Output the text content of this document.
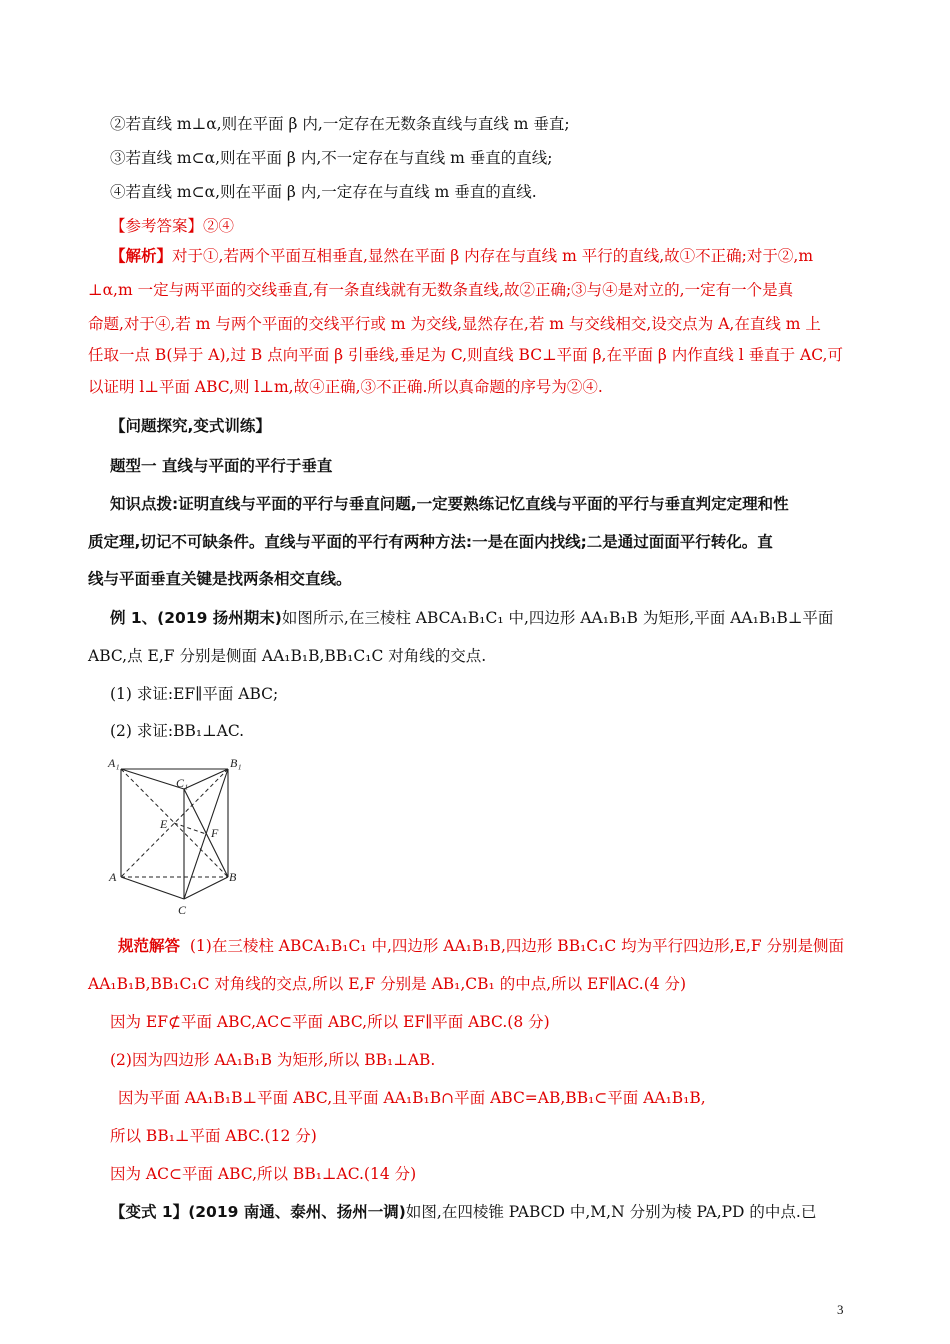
②若直线 m⊥α,则在平面 β 内,一定存在无数条直线与直线 m 垂直;
③若直线 m⊂α,则在平面 β 内,不一定存在与直线 m 垂直的直线;
④若直线 m⊂α,则在平面 β 内,一定存在与直线 m 垂直的直线.
【参考答案】②④
【解析】对于①,若两个平面互相垂直,显然在平面 β 内存在与直线 m 平行的直线,故①不正确;对于②,m
⊥α,m 一定与两平面的交线垂直,有一条直线就有无数条直线,故②正确;③与④是对立的,一定有一个是真
命题,对于④,若 m 与两个平面的交线平行或 m 为交线,显然存在,若 m 与交线相交,设交点为 A,在直线 m 上
任取一点 B(异于 A),过 B 点向平面 β 引垂线,垂足为 C,则直线 BC⊥平面 β,在平面 β 内作直线 l 垂直于 AC,可
以证明 l⊥平面 ABC,则 l⊥m,故④正确,③不正确.所以真命题的序号为②④.
【问题探究,变式训练】
题型一 直线与平面的平行于垂直
知识点拨:证明直线与平面的平行与垂直问题,一定要熟练记忆直线与平面的平行与垂直判定定理和性
质定理,切记不可缺条件。直线与平面的平行有两种方法:一是在面内找线;二是通过面面平行转化。直
线与平面垂直关键是找两条相交直线。
例 1、(2019 扬州期末)如图所示,在三棱柱 ABCA₁B₁C₁ 中,四边形 AA₁B₁B 为矩形,平面 AA₁B₁B⊥平面
ABC,点 E,F 分别是侧面 AA₁B₁B,BB₁C₁C 对角线的交点.
(1) 求证:EF∥平面 ABC;
(2) 求证:BB₁⊥AC.
A₁	B₁
C₁
E
F
A	B
C
规范解答 (1)在三棱柱 ABCA₁B₁C₁ 中,四边形 AA₁B₁B,四边形 BB₁C₁C 均为平行四边形,E,F 分别是侧面
AA₁B₁B,BB₁C₁C 对角线的交点,所以 E,F 分别是 AB₁,CB₁ 的中点,所以 EF∥AC.(4 分)
因为 EF⊄平面 ABC,AC⊂平面 ABC,所以 EF∥平面 ABC.(8 分)
(2)因为四边形 AA₁B₁B 为矩形,所以 BB₁⊥AB.
因为平面 AA₁B₁B⊥平面 ABC,且平面 AA₁B₁B∩平面 ABC=AB,BB₁⊂平面 AA₁B₁B,
所以 BB₁⊥平面 ABC.(12 分)
因为 AC⊂平面 ABC,所以 BB₁⊥AC.(14 分)
【变式 1】(2019 南通、泰州、扬州一调)如图,在四棱锥 PABCD 中,M,N 分别为棱 PA,PD 的中点.已
3
